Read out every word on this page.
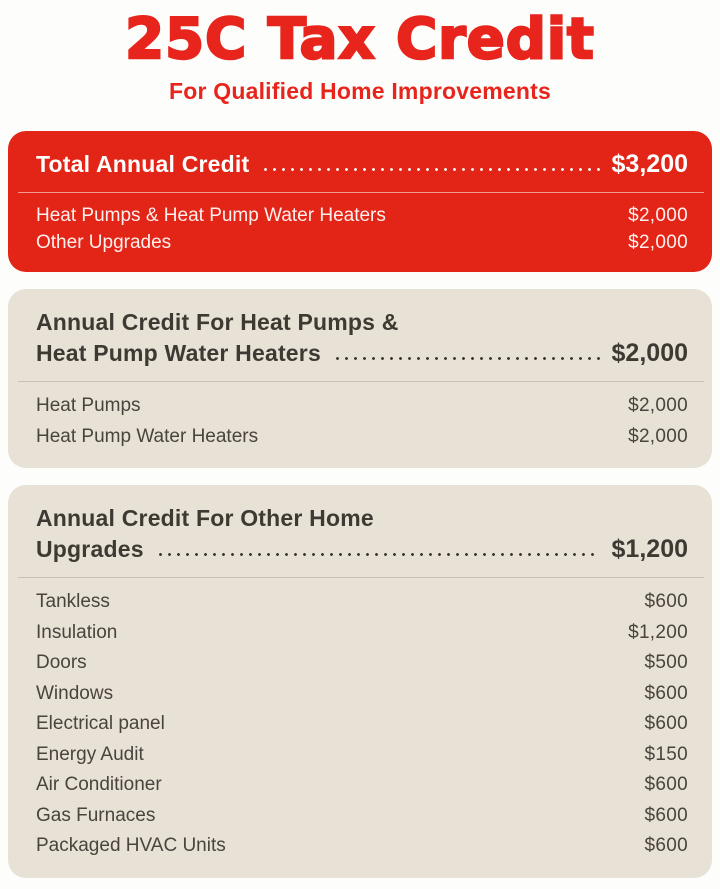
25C Tax Credit

For Qualified Home Improvements

Total Annual Credit	$3,200
Heat Pumps & Heat Pump Water Heaters	$2,000
Other Upgrades	$2,000
Annual Credit For Heat Pumps &
Heat Pump Water Heaters	$2,000
Heat Pumps	$2,000
Heat Pump Water Heaters	$2,000
Annual Credit For Other Home
Upgrades	$1,200
Tankless	$600
Insulation	$1,200
Doors	$500
Windows	$600
Electrical panel	$600
Energy Audit	$150
Air Conditioner	$600
Gas Furnaces	$600
Packaged HVAC Units	$600
